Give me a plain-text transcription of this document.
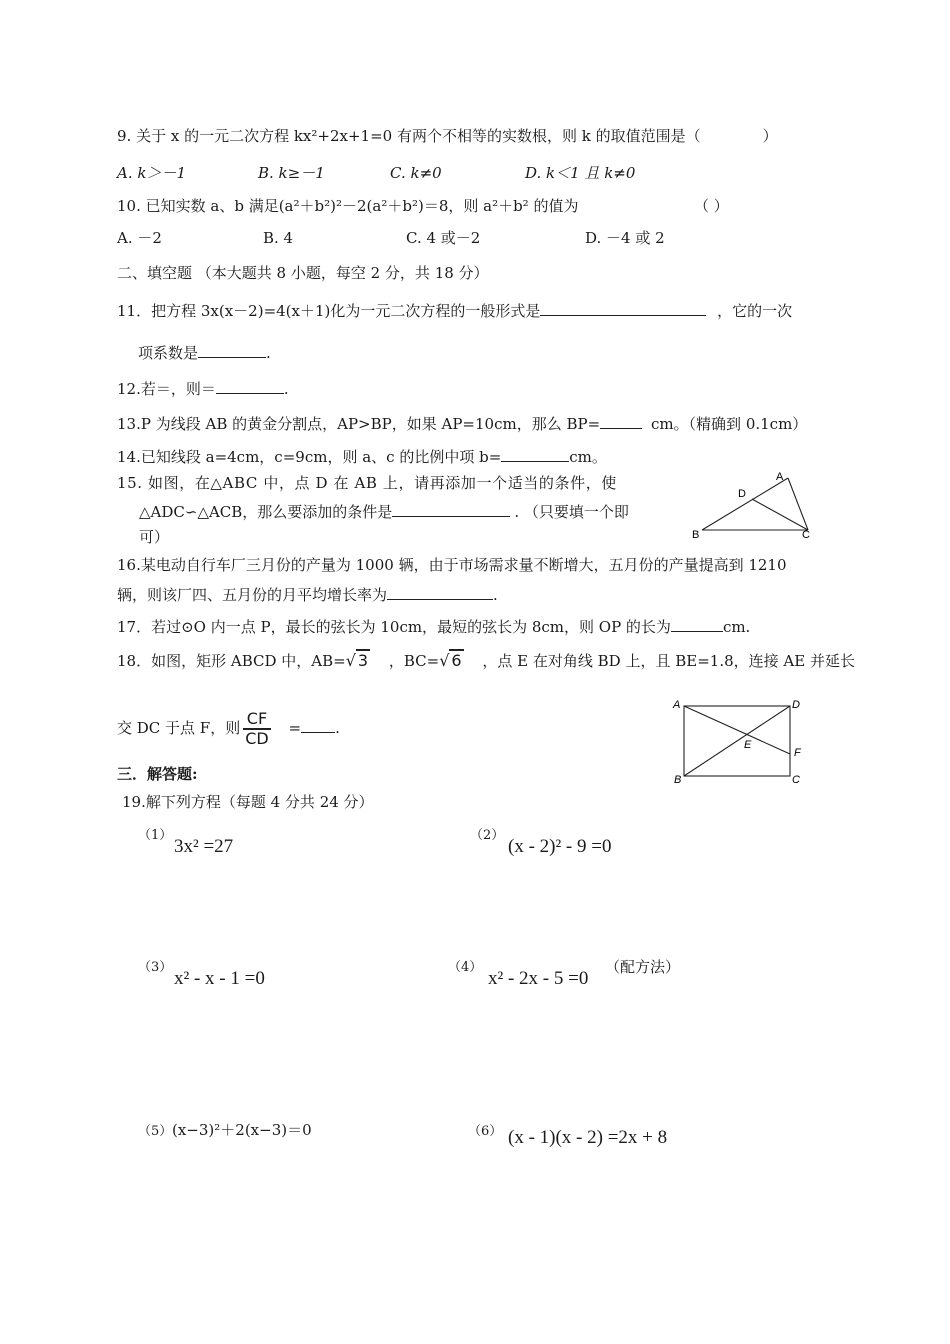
9. 关于 x 的一元二次方程 kx²+2x+1=0 有两个不相等的实数根，则 k 的取值范围是（	）
A. k＞－1	B. k≥－1	C. k≠0	D. k＜1 且 k≠0
10. 已知实数 a、b 满足(a²＋b²)²－2(a²＋b²)＝8，则 a²＋b² 的值为	（ ）
A. －2	B. 4	C. 4 或－2	D. －4 或 2
二、填空题 （本大题共 8 小题，每空 2 分，共 18 分）
11．把方程 3x(x－2)=4(x＋1)化为一元二次方程的一般形式是	，它的一次
项系数是	.
12.若＝，则＝	.
13.P 为线段 AB 的黄金分割点，AP>BP，如果 AP=10cm，那么 BP=	cm。（精确到 0.1cm）
14.已知线段 a=4cm，c=9cm，则 a、c 的比例中项 b=	cm。
15. 如图，在△ABC 中，点 D 在 AB 上，请再添加一个适当的条件，使
△ADC∽△ACB，那么要添加的条件是	. （只要填一个即
可）
A
D
B	C
16.某电动自行车厂三月份的产量为 1000 辆，由于市场需求量不断增大，五月份的产量提高到 1210
辆，则该厂四、五月份的月平均增长率为	.
17．若过⊙O 内一点 P，最长的弦长为 10cm，最短的弦长为 8cm，则 OP 的长为	cm.
18．如图，矩形 ABCD 中，AB=√ 3 ，BC=√ 6 ，点 E 在对角线 BD 上，且 BE=1.8，连接 AE 并延长
交 DC 于点 F，则 $\frac{CF}{CD}$ = .
A	D
B	C
E
F
三．解答题:
19.解下列方程（每题 4 分共 24 分）
（1）
3x² =27
（2）
(x - 2)² - 9 =0
（3）
x² - x - 1 =0
（4）
x² - 2x - 5 =0
（配方法）
（5） (x−3)²＋2(x−3)＝0	（6） (x - 1)(x - 2) =2x + 8
